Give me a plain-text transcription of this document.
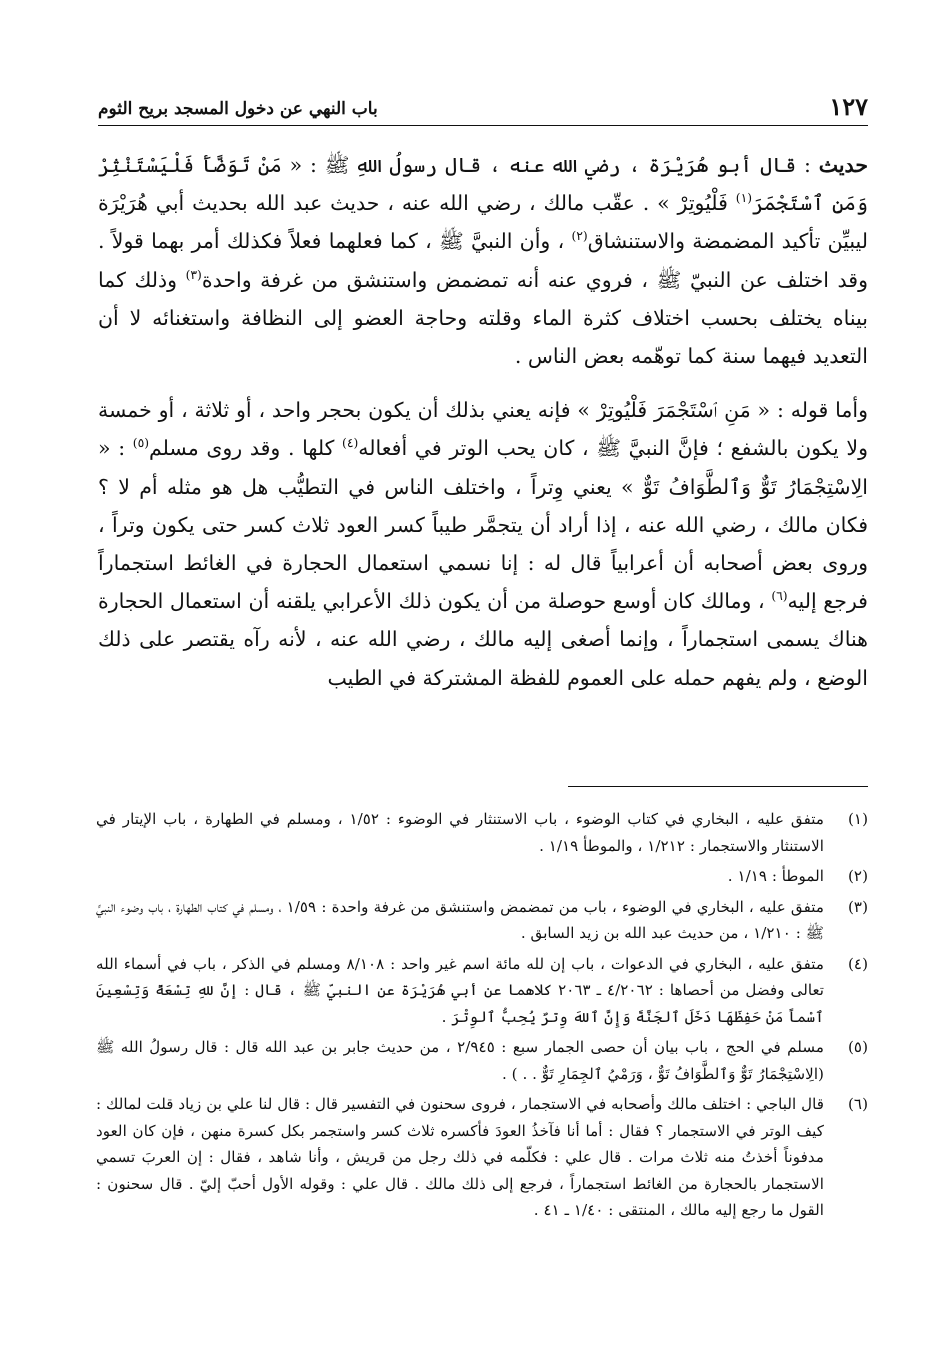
١٢٧
باب النهي عن دخول المسجد بريح الثوم

حديث : قال أبو هُرَيْرَة ، رضي الله عنه ، قال رسولُ اللهِ ﷺ : « مَنْ تَوَضَّأَ فَلْيَسْتَنْثِرْ وَمَنِ ٱسْتَجْمَرَ$^{(١)}$ فَلْيُوتِرْ » . عقّب مالك ، رضي الله عنه ، حديث عبد الله بحديث أبي هُرَيْرَة ليبيِّن تأكيد المضمضة والاستنشاق$^{(٢)}$ ، وأن النبيَّ ﷺ ، كما فعلهما فعلاً فكذلك أمر بهما قولاً . وقد اختلف عن النبيّ ﷺ ، فروي عنه أنه تمضمض واستنشق من غرفة واحدة$^{(٣)}$ وذلك كما بيناه يختلف بحسب اختلاف كثرة الماء وقلته وحاجة العضو إلى النظافة واستغنائه لا أن التعديد فيهما سنة كما توهّمه بعض الناس .

وأما قوله : « مَنِ ٱسْتَجْمَرَ فَلْيُوتِرْ » فإنه يعني بذلك أن يكون بحجر واحد ، أو ثلاثة ، أو خمسة ولا يكون بالشفع ؛ فإنَّ النبيَّ ﷺ ، كان يحب الوتر في أفعاله$^{(٤)}$ كلها . وقد روى مسلم$^{(٥)}$ : « الِاسْتِجْمَارُ تَوٌّ وَٱلطَّوَافُ تَوٌّ » يعني وِتراً ، واختلف الناس في التطيُّب هل هو مثله أم لا ؟ فكان مالك ، رضي الله عنه ، إذا أراد أن يتجمَّر طيباً كسر العود ثلاث كسر حتى يكون وتراً ، وروى بعض أصحابه أن أعرابياً قال له : إنا نسمي استعمال الحجارة في الغائط استجماراً فرجع إليه$^{(٦)}$ ، ومالك كان أوسع حوصلة من أن يكون ذلك الأعرابي يلقنه أن استعمال الحجارة هناك يسمى استجماراً ، وإنما أصغى إليه مالك ، رضي الله عنه ، لأنه رآه يقتصر على ذلك الوضع ، ولم يفهم حمله على العموم للفظة المشتركة في الطيب

(١)
متفق عليه ، البخاري في كتاب الوضوء ، باب الاستنثار في الوضوء : ١/٥٢ ، ومسلم في الطهارة ، باب الإيتار في الاستنثار والاستجمار : ١/٢١٢ ، والموطأ ١/١٩ .
(٢)
الموطأ : ١/١٩ .
(٣)
متفق عليه ، البخاري في الوضوء ، باب من تمضمض واستنشق من غرفة واحدة : ١/٥٩ ، ومسلم في كتاب الطهارة ، باب وضوء النبيِّ ﷺ : ١/٢١٠ ، من حديث عبد الله بن زيد السابق .
(٤)
متفق عليه ، البخاري في الدعوات ، باب إن لله مائة اسم غير واحد : ٨/١٠٨ ومسلم في الذكر ، باب في أسماء الله تعالى وفضل من أحصاها : ٤/٢٠٦٢ ـ ٢٠٦٣ كلاهما عن أبي هُرَيْرَة عن النبيّ ﷺ ، قال : إنَّ للهِ تِسْعَةً وَتِسْعِينَ ٱسْماً مَنْ حَفِظَهَا دَخَلَ ٱلجَنَّةَ وَإِنَّ ٱللهَ وِترٌ يُحِبُّ ٱلوِتْرَ .
(٥)
مسلم في الحج ، باب بيان أن حصى الجمار سبع : ٢/٩٤٥ ، من حديث جابر بن عبد الله قال : قال رسولُ الله ﷺ (الِاسْتِجْمَارُ تَوٌّ وَٱلطَّوَافُ تَوٌّ ، وَرَمْيُ ٱلجِمَارِ تَوٌّ . . ) .
(٦)
قال الباجي : اختلف مالك وأصحابه في الاستجمار ، فروى سحنون في التفسير قال : قال لنا علي بن زياد قلت لمالك : كيف الوتر في الاستجمار ؟ فقال : أما أنا فآخذُ العودَ فأكسره ثلاث كسر واستجمر بكل كسرة منهن ، فإن كان العود مدفوناً أخذتُ منه ثلاث مرات . قال علي : فكلّمه في ذلك رجل من قريش ، وأنا شاهد ، فقال : إن العربَ تسمي الاستجمار بالحجارة من الغائط استجماراً ، فرجع إلى ذلك مالك . قال علي : وقوله الأول أحبّ إليّ . قال سحنون : القول ما رجع إليه مالك ، المنتقى : ١/٤٠ ـ ٤١ .
